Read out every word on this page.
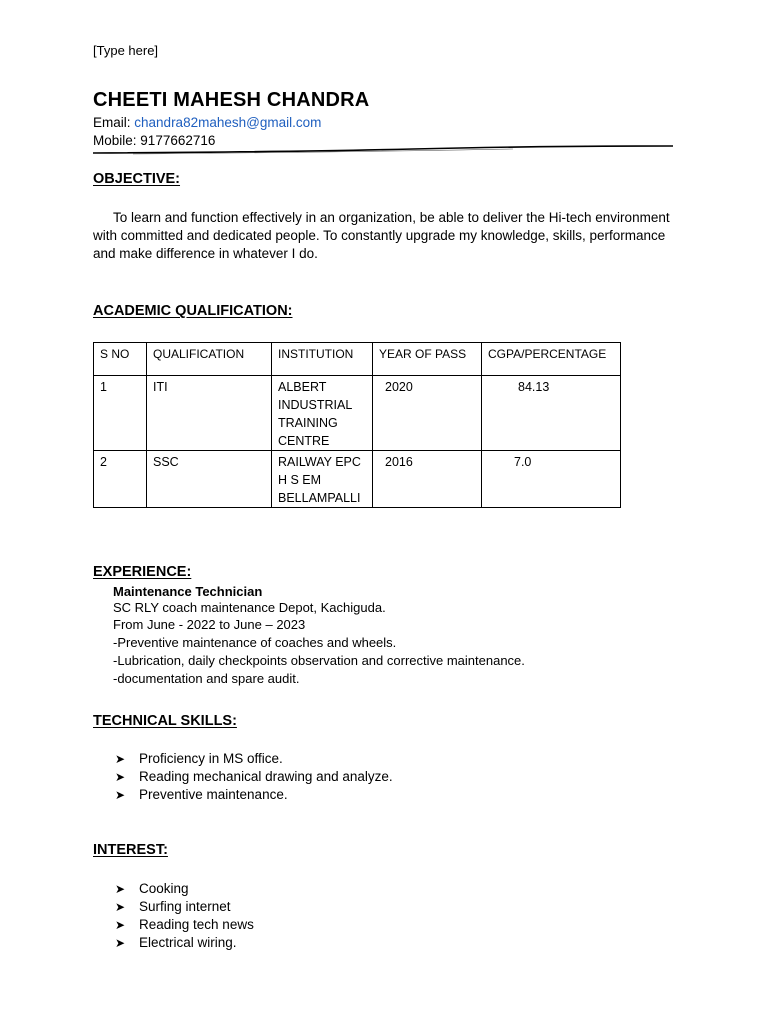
[Type here]
CHEETI MAHESH CHANDRA
Email: chandra82mahesh@gmail.com
Mobile: 9177662716
OBJECTIVE:
To learn and function effectively in an organization, be able to deliver the Hi-tech environment with committed and dedicated people. To constantly upgrade my knowledge, skills, performance and make difference in whatever I do.
ACADEMIC QUALIFICATION:
S NO	QUALIFICATION	INSTITUTION	YEAR OF PASS	CGPA/PERCENTAGE
1	ITI	ALBERT
INDUSTRIAL
TRAINING
CENTRE	2020	84.13
2	SSC	RAILWAY EPC
H S EM
BELLAMPALLI	2016	7.0
EXPERIENCE:
Maintenance Technician
SC RLY coach maintenance Depot, Kachiguda.
From June - 2022 to June – 2023
-Preventive maintenance of coaches and wheels.
-Lubrication, daily checkpoints observation and corrective maintenance.
-documentation and spare audit.
TECHNICAL SKILLS:
➤	Proficiency in MS office.
➤	Reading mechanical drawing and analyze.
➤	Preventive maintenance.
INTEREST:
➤	Cooking
➤	Surfing internet
➤	Reading tech news
➤	Electrical wiring.
